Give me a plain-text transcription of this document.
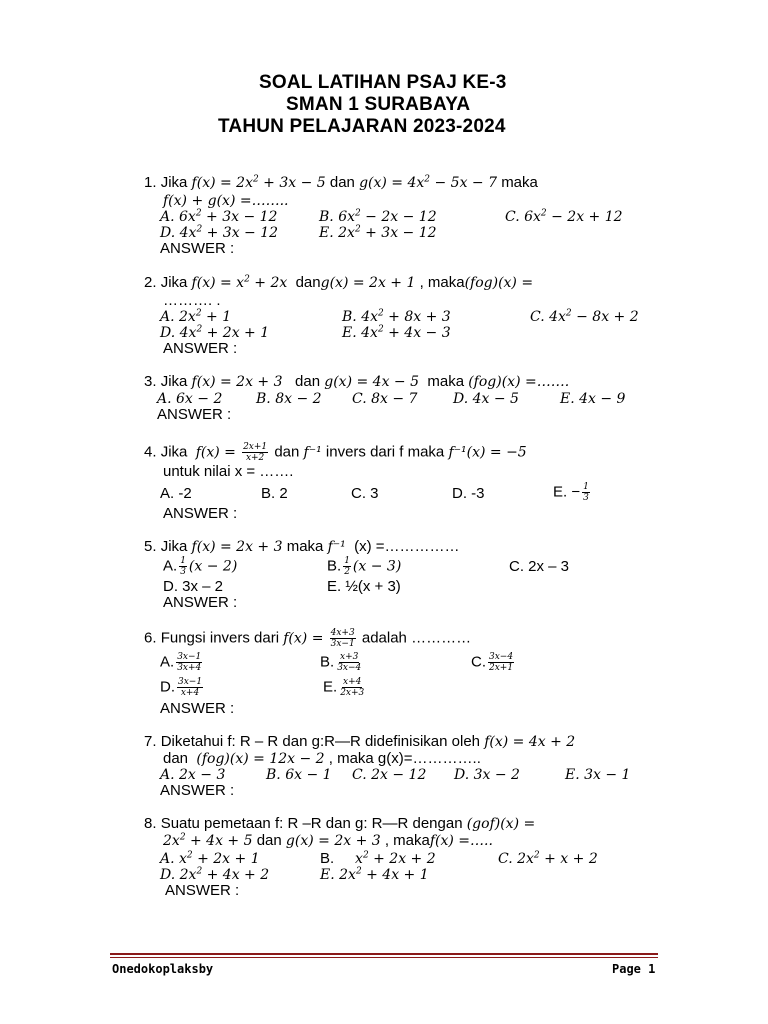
SOAL LATIHAN PSAJ KE-3
SMAN 1 SURABAYA
TAHUN PELAJARAN 2023-2024
1. Jika $f(x) = 2x^2 + 3x - 5$ dan $g(x) = 4x^2 - 5x - 7$ maka
f(x) + g(x) =……..
A. $6x^2 + 3x - 12$	B. $6x^2 - 2x - 12$	C. $6x^2 - 2x + 12$
D. $4x^2 + 3x - 12$	E. $2x^2 + 3x - 12$
ANSWER :
2. Jika $f(x) = x^2 + 2x$ dang(x) = 2x + 1 , maka(fog)(x) =
………. .
A. $2x^2 + 1$	B. $4x^2 + 8x + 3$	C. $4x^2 - 8x + 2$
D. $4x^2 + 2x + 1$	E. $4x^2 + 4x - 3$
ANSWER :
3. Jika f(x) = 2x + 3 dan g(x) = 4x − 5 maka (fog)(x) =…….
A. 6x − 2 B. 8x − 2 C. 8x − 7	D. 4x − 5	E. 4x − 9
ANSWER :
4. Jika $f(x) = \frac{2x+1}{x+2}$ dan f⁻¹ invers dari f maka f⁻¹(x) = −5
untuk nilai x = …….
A. -2	B. 2	C. 3	D. -3	E. − $\frac{1}{3}$
ANSWER :
5. Jika f(x) = 2x + 3 maka f⁻¹ (x) =……………
A. $\frac{1}{3} (x - 2)$	B. $\frac{1}{2} (x - 3)$	C. 2x – 3
D. 3x – 2	E. ½(x + 3)
ANSWER :
6. Fungsi invers dari $f(x) = \frac{4x+3}{3x-1}$ adalah …………
A. $\frac{3x-1}{3x+4}$	B. $\frac{x+3}{3x-4}$	C. $\frac{3x-4}{2x+1}$
D. $\frac{3x-1}{x+4}$	E. $\frac{x+4}{2x+3}$
ANSWER :
7. Diketahui f: R – R dan g:R—R didefinisikan oleh f(x) = 4x + 2
dan (fog)(x) = 12x − 2 , maka g(x)=…………..
A. 2x − 3	B. 6x − 1 C. 2x − 12 D. 3x − 2	E. 3x − 1
ANSWER :
8. Suatu pemetaan f: R –R dan g: R—R dengan (gof)(x) =
$2x^2 + 4x + 5$ dan g(x) = 2x + 3 , makaf(x) =…..
A. $x^2 + 2x + 1$	B. $x^2 + 2x + 2$	C. $2x^2 + x + 2$
D. $2x^2 + 4x + 2$	E. $2x^2 + 4x + 1$
ANSWER :
Onedokoplaksby	Page 1
